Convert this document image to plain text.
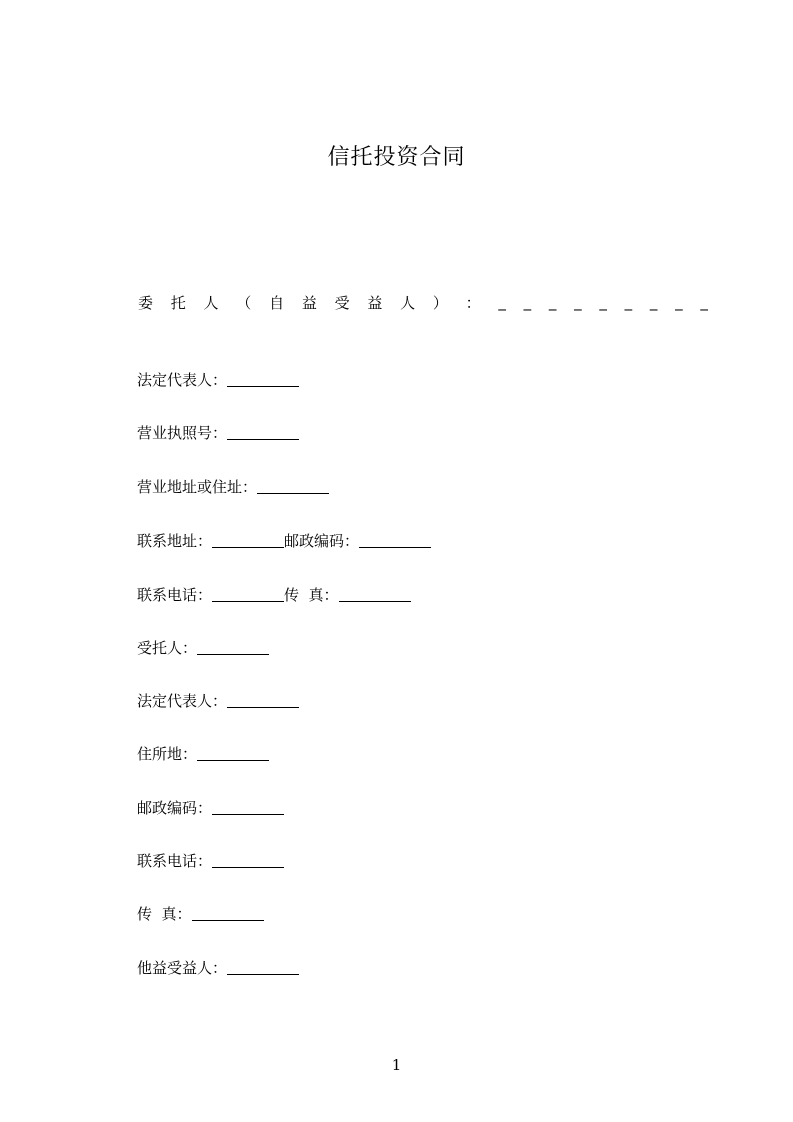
信托投资合同
委 托 人 （ 自 益 受 益 人 ） ： _ _ _ _ _ _ _ _ _
法定代表人：
营业执照号：
营业地址或住址：
联系地址：	邮政编码：
联系电话：	传  真：
受托人：
法定代表人：
住所地：
邮政编码：
联系电话：
传  真：
他益受益人：
1
